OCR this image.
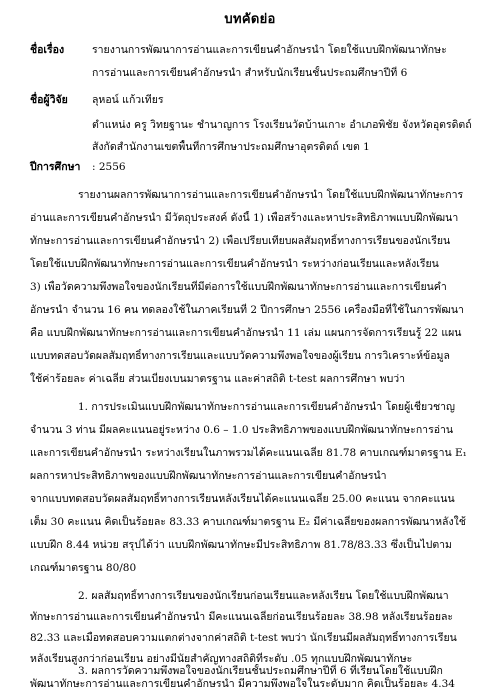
บทคัดย่อ
ชื่อเรื่อง	รายงานการพัฒนาการอ่านและการเขียนคำอักษรนำ โดยใช้แบบฝึกพัฒนาทักษะ
การอ่านและการเขียนคำอักษรนำ สำหรับนักเรียนชั้นประถมศึกษาปีที่ 6
ชื่อผู้วิจัย ลุหอน์ แก้วเทียร
ตำแหน่ง ครู วิทยฐานะ ชำนาญการ โรงเรียนวัดบ้านเกาะ อำเภอพิชัย จังหวัดอุตรดิตถ์
สังกัดสำนักงานเขตพื้นที่การศึกษาประถมศึกษาอุตรดิตถ์ เขต 1
ปีการศึกษา : 2556
รายงานผลการพัฒนาการอ่านและการเขียนคำอักษรนำ โดยใช้แบบฝึกพัฒนาทักษะการ
อ่านและการเขียนคำอักษรนำ มีวัตถุประสงค์ ดังนี้ 1) เพื่อสร้างและหาประสิทธิภาพแบบฝึกพัฒนา
ทักษะการอ่านและการเขียนคำอักษรนำ 2) เพื่อเปรียบเทียบผลสัมฤทธิ์ทางการเรียนของนักเรียน
โดยใช้แบบฝึกพัฒนาทักษะการอ่านและการเขียนคำอักษรนำ ระหว่างก่อนเรียนและหลังเรียน
3) เพื่อวัดความพึงพอใจของนักเรียนที่มีต่อการใช้แบบฝึกพัฒนาทักษะการอ่านและการเขียนคำ
อักษรนำ จำนวน 16 คน ทดลองใช้ในภาคเรียนที่ 2 ปีการศึกษา 2556 เครื่องมือที่ใช้ในการพัฒนา
คือ แบบฝึกพัฒนาทักษะการอ่านและการเขียนคำอักษรนำ 11 เล่ม แผนการจัดการเรียนรู้ 22 แผน
แบบทดสอบวัดผลสัมฤทธิ์ทางการเรียนและแบบวัดความพึงพอใจของผู้เรียน การวิเคราะห์ข้อมูล
ใช้ค่าร้อยละ ค่าเฉลี่ย ส่วนเบี่ยงเบนมาตรฐาน และค่าสถิติ t-test ผลการศึกษา พบว่า
1. การประเมินแบบฝึกพัฒนาทักษะการอ่านและการเขียนคำอักษรนำ โดยผู้เชี่ยวชาญ
จำนวน 3 ท่าน มีผลคะแนนอยู่ระหว่าง 0.6 – 1.0 ประสิทธิภาพของแบบฝึกพัฒนาทักษะการอ่าน
และการเขียนคำอักษรนำ ระหว่างเรียนในภาพรวมได้คะแนนเฉลี่ย 81.78 คาบเกณฑ์มาตรฐาน E₁
ผลการหาประสิทธิภาพของแบบฝึกพัฒนาทักษะการอ่านและการเขียนคำอักษรนำ
จากแบบทดสอบวัดผลสัมฤทธิ์ทางการเรียนหลังเรียนได้คะแนนเฉลี่ย 25.00 คะแนน จากคะแนน
เต็ม 30 คะแนน คิดเป็นร้อยละ 83.33 คาบเกณฑ์มาตรฐาน E₂ มีค่าเฉลี่ยของผลการพัฒนาหลังใช้
แบบฝึก 8.44 หน่วย สรุปได้ว่า แบบฝึกพัฒนาทักษะมีประสิทธิภาพ 81.78/83.33 ซึ่งเป็นไปตาม
เกณฑ์มาตรฐาน 80/80
2. ผลสัมฤทธิ์ทางการเรียนของนักเรียนก่อนเรียนและหลังเรียน โดยใช้แบบฝึกพัฒนา
ทักษะการอ่านและการเขียนคำอักษรนำ มีคะแนนเฉลี่ยก่อนเรียนร้อยละ 38.98 หลังเรียนร้อยละ
82.33 และเมื่อทดสอบความแตกต่างจากค่าสถิติ t-test พบว่า นักเรียนมีผลสัมฤทธิ์ทางการเรียน
หลังเรียนสูงกว่าก่อนเรียน อย่างมีนัยสำคัญทางสถิติที่ระดับ .05 ทุกแบบฝึกพัฒนาทักษะ
3. ผลการวัดความพึงพอใจของนักเรียนชั้นประถมศึกษาปีที่ 6 ที่เรียนโดยใช้แบบฝึก
พัฒนาทักษะการอ่านและการเขียนคำอักษรนำ มีความพึงพอใจในระดับมาก คิดเป็นร้อยละ 4.34
